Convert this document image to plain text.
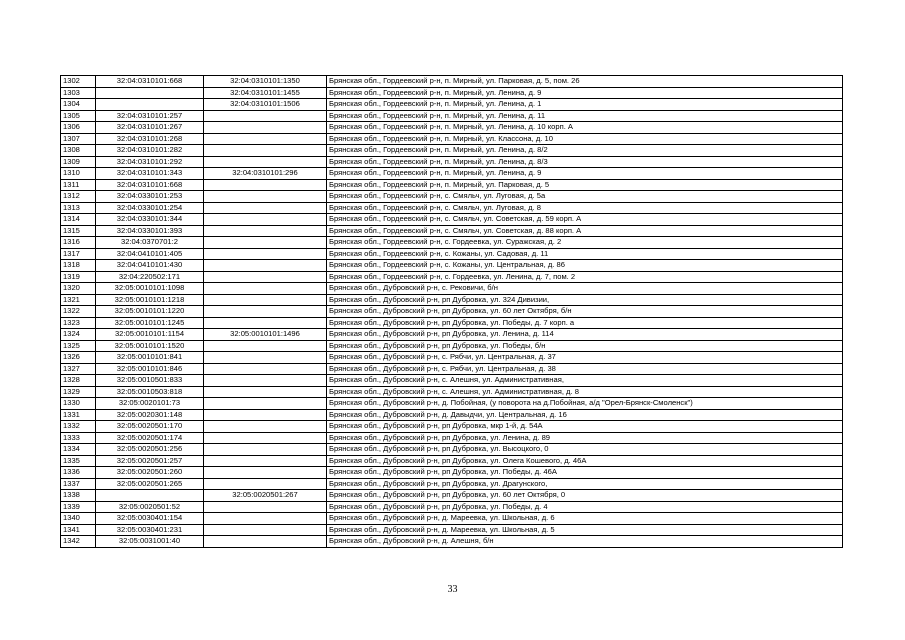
1302	32:04:0310101:668	32:04:0310101:1350	Брянская обл., Гордеевский р-н, п. Мирный, ул. Парковая, д. 5, пом. 26
1303		32:04:0310101:1455	Брянская обл., Гордеевский р-н, п. Мирный, ул. Ленина, д. 9
1304		32:04:0310101:1506	Брянская обл., Гордеевский р-н, п. Мирный, ул. Ленина, д. 1
1305	32:04:0310101:257		Брянская обл., Гордеевский р-н, п. Мирный, ул. Ленина, д. 11
1306	32:04:0310101:267		Брянская обл., Гордеевский р-н, п. Мирный, ул. Ленина, д. 10 корп. А
1307	32:04:0310101:268		Брянская обл., Гордеевский р-н, п. Мирный, ул. Классона, д. 10
1308	32:04:0310101:282		Брянская обл., Гордеевский р-н, п. Мирный, ул. Ленина, д. 8/2
1309	32:04:0310101:292		Брянская обл., Гордеевский р-н, п. Мирный, ул. Ленина, д. 8/3
1310	32:04:0310101:343	32:04:0310101:296	Брянская обл., Гордеевский р-н, п. Мирный, ул. Ленина, д. 9
1311	32:04:0310101:668		Брянская обл., Гордеевский р-н, п. Мирный, ул. Парковая, д. 5
1312	32:04:0330101:253		Брянская обл., Гордеевский р-н, с. Смяльч, ул. Луговая, д. 5а
1313	32:04:0330101:254		Брянская обл., Гордеевский р-н, с. Смяльч, ул. Луговая, д. 8
1314	32:04:0330101:344		Брянская обл., Гордеевский р-н, с. Смяльч, ул. Советская, д. 59 корп. А
1315	32:04:0330101:393		Брянская обл., Гордеевский р-н, с. Смяльч, ул. Советская, д. 88 корп. А
1316	32:04:0370701:2		Брянская обл., Гордеевский р-н, с. Гордеевка, ул. Суражская, д. 2
1317	32:04:0410101:405		Брянская обл., Гордеевский р-н, с. Кожаны, ул. Садовая, д. 11
1318	32:04:0410101:430		Брянская обл., Гордеевский р-н, с. Кожаны, ул. Центральная, д. 86
1319	32:04:220502:171		Брянская обл., Гордеевский р-н, с. Гордеевка, ул. Ленина, д. 7, пом. 2
1320	32:05:0010101:1098		Брянская обл., Дубровский р-н, с. Рековичи, б/н
1321	32:05:0010101:1218		Брянская обл., Дубровский р-н, рп Дубровка, ул. 324 Дивизии,
1322	32:05:0010101:1220		Брянская обл., Дубровский р-н, рп Дубровка, ул. 60 лет Октября, б/н
1323	32:05:0010101:1245		Брянская обл., Дубровский р-н, рп Дубровка, ул. Победы, д. 7 корп. а
1324	32:05:0010101:1154	32:05:0010101:1496	Брянская обл., Дубровский р-н, рп Дубровка, ул. Ленина, д. 114
1325	32:05:0010101:1520		Брянская обл., Дубровский р-н, рп Дубровка, ул. Победы, б/н
1326	32:05:0010101:841		Брянская обл., Дубровский р-н, с. Рябчи, ул. Центральная, д. 37
1327	32:05:0010101:846		Брянская обл., Дубровский р-н, с. Рябчи, ул. Центральная, д. 38
1328	32:05:0010501:833		Брянская обл., Дубровский р-н, с. Алешня, ул. Административная,
1329	32:05:0010503:818		Брянская обл., Дубровский р-н, с. Алешня, ул. Административная, д. 8
1330	32:05:0020101:73		Брянская обл., Дубровский р-н, д. Побойная, (у поворота на д.Побойная, а/д "Орел-Брянск-Смоленск")
1331	32:05:0020301:148		Брянская обл., Дубровский р-н, д. Давыдчи, ул. Центральная, д. 16
1332	32:05:0020501:170		Брянская обл., Дубровский р-н, рп Дубровка, мкр 1-й, д. 54А
1333	32:05:0020501:174		Брянская обл., Дубровский р-н, рп Дубровка, ул. Ленина, д. 89
1334	32:05:0020501:256		Брянская обл., Дубровский р-н, рп Дубровка, ул. Высоцкого, 0
1335	32:05:0020501:257		Брянская обл., Дубровский р-н, рп Дубровка, ул. Олега Кошевого, д. 46А
1336	32:05:0020501:260		Брянская обл., Дубровский р-н, рп Дубровка, ул. Победы, д. 46А
1337	32:05:0020501:265		Брянская обл., Дубровский р-н, рп Дубровка, ул. Драгунского,
1338		32:05:0020501:267	Брянская обл., Дубровский р-н, рп Дубровка, ул. 60 лет Октября, 0
1339	32:05:0020501:52		Брянская обл., Дубровский р-н, рп Дубровка, ул. Победы, д. 4
1340	32:05:0030401:154		Брянская обл., Дубровский р-н, д. Мареевка, ул. Школьная, д. 6
1341	32:05:0030401:231		Брянская обл., Дубровский р-н, д. Мареевка, ул. Школьная, д. 5
1342	32:05:0031001:40		Брянская обл., Дубровский р-н, д. Алешня, б/н
33
